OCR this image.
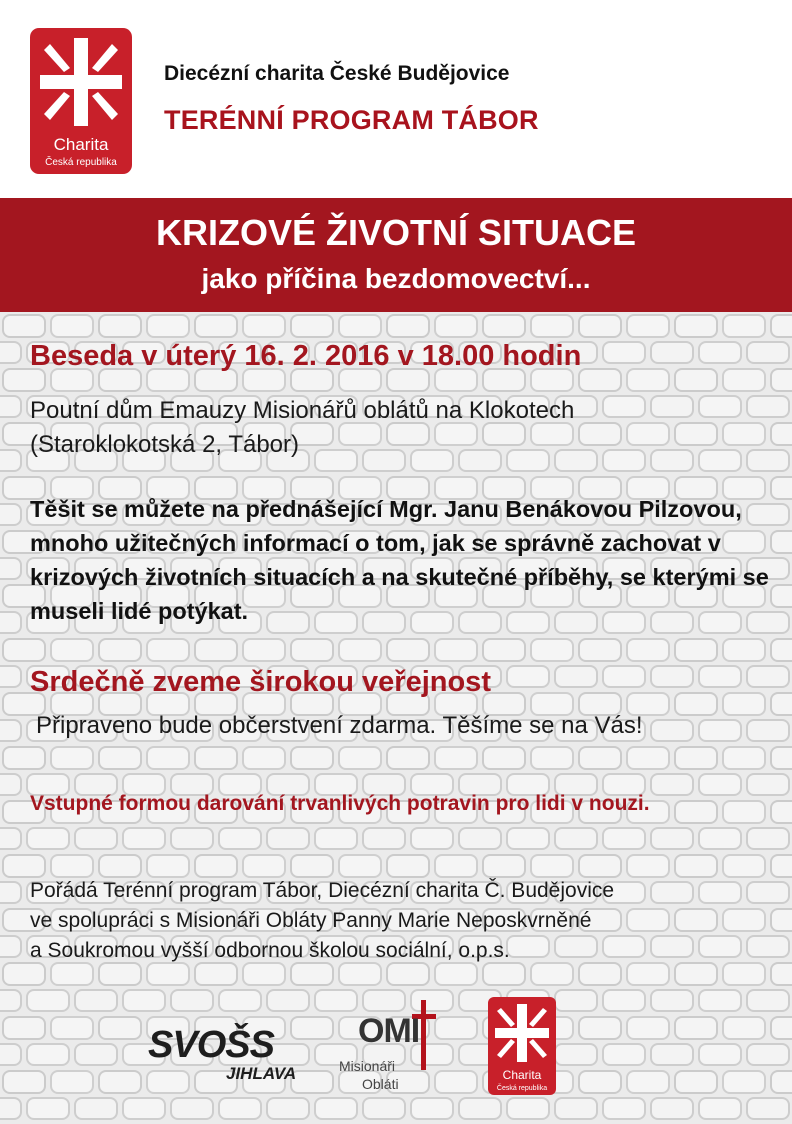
Charita
Česká republika
Diecézní charita České Budějovice
TERÉNNÍ PROGRAM TÁBOR
KRIZOVÉ ŽIVOTNÍ SITUACE
jako příčina bezdomovectví...
Beseda v úterý 16. 2. 2016 v 18.00 hodin
Poutní dům Emauzy Misionářů oblátů na Klokotech
(Staroklokotská 2, Tábor)
Těšit se můžete na přednášející Mgr. Janu Benákovou Pilzovou, mnoho užitečných informací o tom, jak se správně zachovat v krizových životních situacích a na skutečné příběhy, se kterými se museli lidé potýkat.
Srdečně zveme širokou veřejnost
Připraveno bude občerstvení zdarma. Těšíme se na Vás!
Vstupné formou darování trvanlivých potravin pro lidi v nouzi.
Pořádá Terénní program Tábor, Diecézní charita Č. Budějovice
ve spolupráci s Misionáři Obláty Panny Marie Neposkvrněné
a Soukromou vyšší odbornou školou sociální, o.p.s.
SVOŠS
JIHLAVA
OMI
Misionáři
Obláti
Charita
Česká republika
